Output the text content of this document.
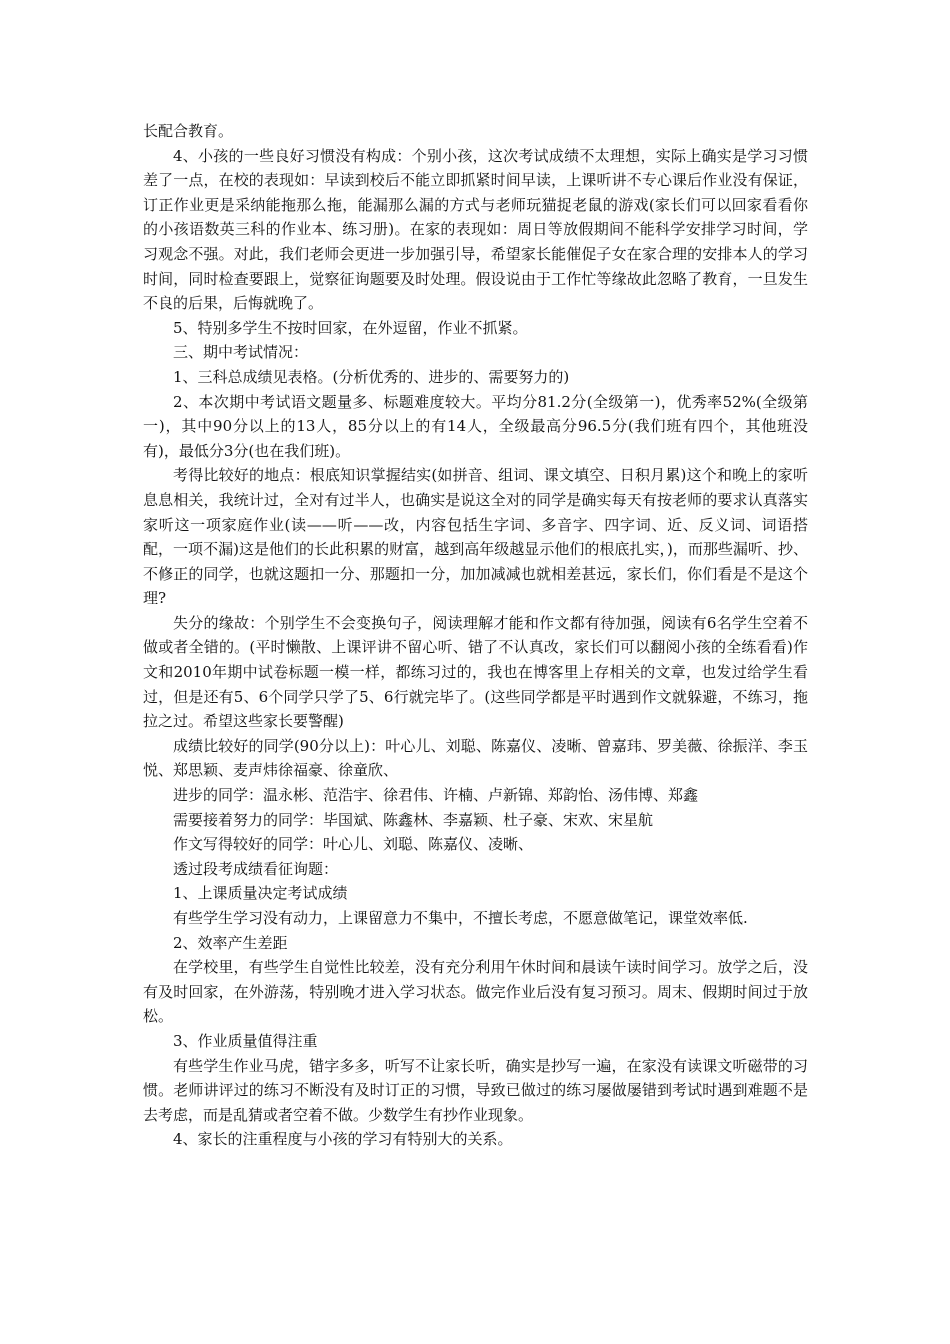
长配合教育。

4、小孩的一些良好习惯没有构成：个别小孩，这次考试成绩不太理想，实际上确实是学习习惯差了一点，在校的表现如：早读到校后不能立即抓紧时间早读，上课听讲不专心课后作业没有保证，订正作业更是采纳能拖那么拖，能漏那么漏的方式与老师玩猫捉老鼠的游戏(家长们可以回家看看你的小孩语数英三科的作业本、练习册)。在家的表现如：周日等放假期间不能科学安排学习时间，学习观念不强。对此，我们老师会更进一步加强引导，希望家长能催促子女在家合理的安排本人的学习时间，同时检查要跟上，觉察征询题要及时处理。假设说由于工作忙等缘故此忽略了教育，一旦发生不良的后果，后悔就晚了。

5、特别多学生不按时回家，在外逗留，作业不抓紧。

三、期中考试情况：

1、三科总成绩见表格。(分析优秀的、进步的、需要努力的)

2、本次期中考试语文题量多、标题难度较大。平均分81.2分(全级第一)，优秀率52%(全级第一)，其中90分以上的13人，85分以上的有14人，全级最高分96.5分(我们班有四个，其他班没有)，最低分3分(也在我们班)。

考得比较好的地点：根底知识掌握结实(如拼音、组词、课文填空、日积月累)这个和晚上的家听息息相关，我统计过，全对有过半人，也确实是说这全对的同学是确实每天有按老师的要求认真落实家听这一项家庭作业(读——听——改，内容包括生字词、多音字、四字词、近、反义词、词语搭配，一项不漏)这是他们的长此积累的财富，越到高年级越显示他们的根底扎实，)，而那些漏听、抄、不修正的同学，也就这题扣一分、那题扣一分，加加减减也就相差甚远，家长们，你们看是不是这个理?

失分的缘故：个别学生不会变换句子，阅读理解才能和作文都有待加强，阅读有6名学生空着不做或者全错的。(平时懒散、上课评讲不留心听、错了不认真改，家长们可以翻阅小孩的全练看看)作文和2010年期中试卷标题一模一样，都练习过的，我也在博客里上存相关的文章，也发过给学生看过，但是还有5、6个同学只学了5、6行就完毕了。(这些同学都是平时遇到作文就躲避，不练习，拖拉之过。希望这些家长要警醒)

成绩比较好的同学(90分以上)：叶心儿、刘聪、陈嘉仪、凌晰、曾嘉玮、罗美薇、徐振洋、李玉悦、郑思颖、麦声炜徐福豪、徐童欣、

进步的同学：温永彬、范浩宇、徐君伟、许楠、卢新锦、郑韵怡、汤伟博、郑鑫

需要接着努力的同学：毕国斌、陈鑫林、李嘉颖、杜子豪、宋欢、宋星航

作文写得较好的同学：叶心儿、刘聪、陈嘉仪、凌晰、

透过段考成绩看征询题：

1、上课质量决定考试成绩

有些学生学习没有动力，上课留意力不集中，不擅长考虑，不愿意做笔记，课堂效率低.

2、效率产生差距

在学校里，有些学生自觉性比较差，没有充分利用午休时间和晨读午读时间学习。放学之后，没有及时回家，在外游荡，特别晚才进入学习状态。做完作业后没有复习预习。周末、假期时间过于放松。

3、作业质量值得注重

有些学生作业马虎，错字多多，听写不让家长听，确实是抄写一遍，在家没有读课文听磁带的习惯。老师讲评过的练习不断没有及时订正的习惯，导致已做过的练习屡做屡错到考试时遇到难题不是去考虑，而是乱猜或者空着不做。少数学生有抄作业现象。

4、家长的注重程度与小孩的学习有特别大的关系。
